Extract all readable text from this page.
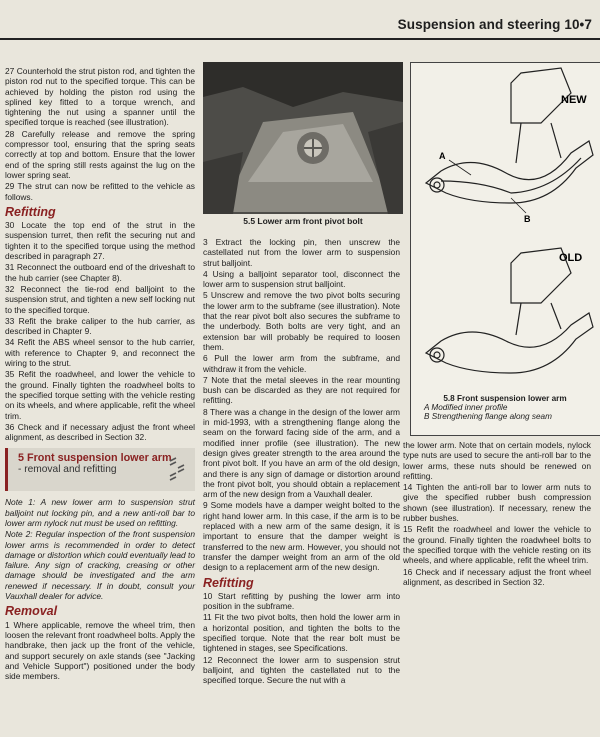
Suspension and steering 10•7

27 Counterhold the strut piston rod, and tighten the piston rod nut to the specified torque. This can be achieved by holding the piston rod using the splined key fitted to a torque wrench, and tightening the nut using a spanner until the specified torque is reached (see illustration).

28 Carefully release and remove the spring compressor tool, ensuring that the spring seats correctly at top and bottom. Ensure that the lower end of the spring still rests against the lug on the lower spring seat.

29 The strut can now be refitted to the vehicle as follows.

Refitting

30 Locate the top end of the strut in the suspension turret, then refit the securing nut and tighten it to the specified torque using the method described in paragraph 27.

31 Reconnect the outboard end of the driveshaft to the hub carrier (see Chapter 8).

32 Reconnect the tie-rod end balljoint to the suspension strut, and tighten a new self locking nut to the specified torque.

33 Refit the brake caliper to the hub carrier, as described in Chapter 9.

34 Refit the ABS wheel sensor to the hub carrier, with reference to Chapter 9, and reconnect the wiring to the strut.

35 Refit the roadwheel, and lower the vehicle to the ground. Finally tighten the roadwheel bolts to the specified torque setting with the vehicle resting on its wheels, and where applicable, refit the wheel trim.

36 Check and if necessary adjust the front wheel alignment, as described in Section 32.

5 Front suspension lower arm
- removal and refitting

Note 1: A new lower arm to suspension strut balljoint nut locking pin, and a new anti-roll bar to lower arm nylock nut must be used on refitting.

Note 2: Regular inspection of the front suspension lower arms is recommended in order to detect damage or distortion which could eventually lead to failure. Any sign of cracking, creasing or other damage should be investigated and the arm renewed if necessary. If in doubt, consult your Vauxhall dealer for advice.

Removal

1 Where applicable, remove the wheel trim, then loosen the relevant front roadwheel bolts. Apply the handbrake, then jack up the front of the vehicle, and support securely on axle stands (see "Jacking and Vehicle Support") positioned under the body side members.

5.5 Lower arm front pivot bolt

3 Extract the locking pin, then unscrew the castellated nut from the lower arm to suspension strut balljoint.

4 Using a balljoint separator tool, disconnect the lower arm to suspension strut balljoint.

5 Unscrew and remove the two pivot bolts securing the lower arm to the subframe (see illustration). Note that the rear pivot bolt also secures the subframe to the underbody. Both bolts are very tight, and an extension bar will probably be required to loosen them.

6 Pull the lower arm from the subframe, and withdraw it from the vehicle.

7 Note that the metal sleeves in the rear mounting bush can be discarded as they are not required for refitting.

8 There was a change in the design of the lower arm in mid-1993, with a strengthening flange along the seam on the forward facing side of the arm, and a modified inner profile (see illustration). The new design gives greater strength to the area around the front pivot bolt. If you have an arm of the old design, and there is any sign of damage or distortion around the front pivot bolt, you should obtain a replacement arm of the new design from a Vauxhall dealer.

9 Some models have a damper weight bolted to the right hand lower arm. In this case, if the arm is to be replaced with a new arm of the same design, it is important to ensure that the damper weight is transferred to the new arm. However, you should not transfer the damper weight from an arm of the old design to a replacement arm of the new design.

Refitting

10 Start refitting by pushing the lower arm into position in the subframe.

11 Fit the two pivot bolts, then hold the lower arm in a horizontal position, and tighten the bolts to the specified torque. Note that the rear bolt must be tightened in stages, see Specifications.

12 Reconnect the lower arm to suspension strut balljoint, and tighten the castellated nut to the specified torque. Secure the nut with a

NEW
OLD
A
B
5.8 Front suspension lower arm
A Modified inner profile
B Strengthening flange along seam

the lower arm. Note that on certain models, nylock type nuts are used to secure the anti-roll bar to the lower arms, these nuts should be renewed on refitting.

14 Tighten the anti-roll bar to lower arm nuts to give the specified rubber bush compression shown (see illustration). If necessary, renew the rubber bushes.

15 Refit the roadwheel and lower the vehicle to the ground. Finally tighten the roadwheel bolts to the specified torque with the vehicle resting on its wheels, and where applicable, refit the wheel trim.

16 Check and if necessary adjust the front wheel alignment, as described in Section 32.
